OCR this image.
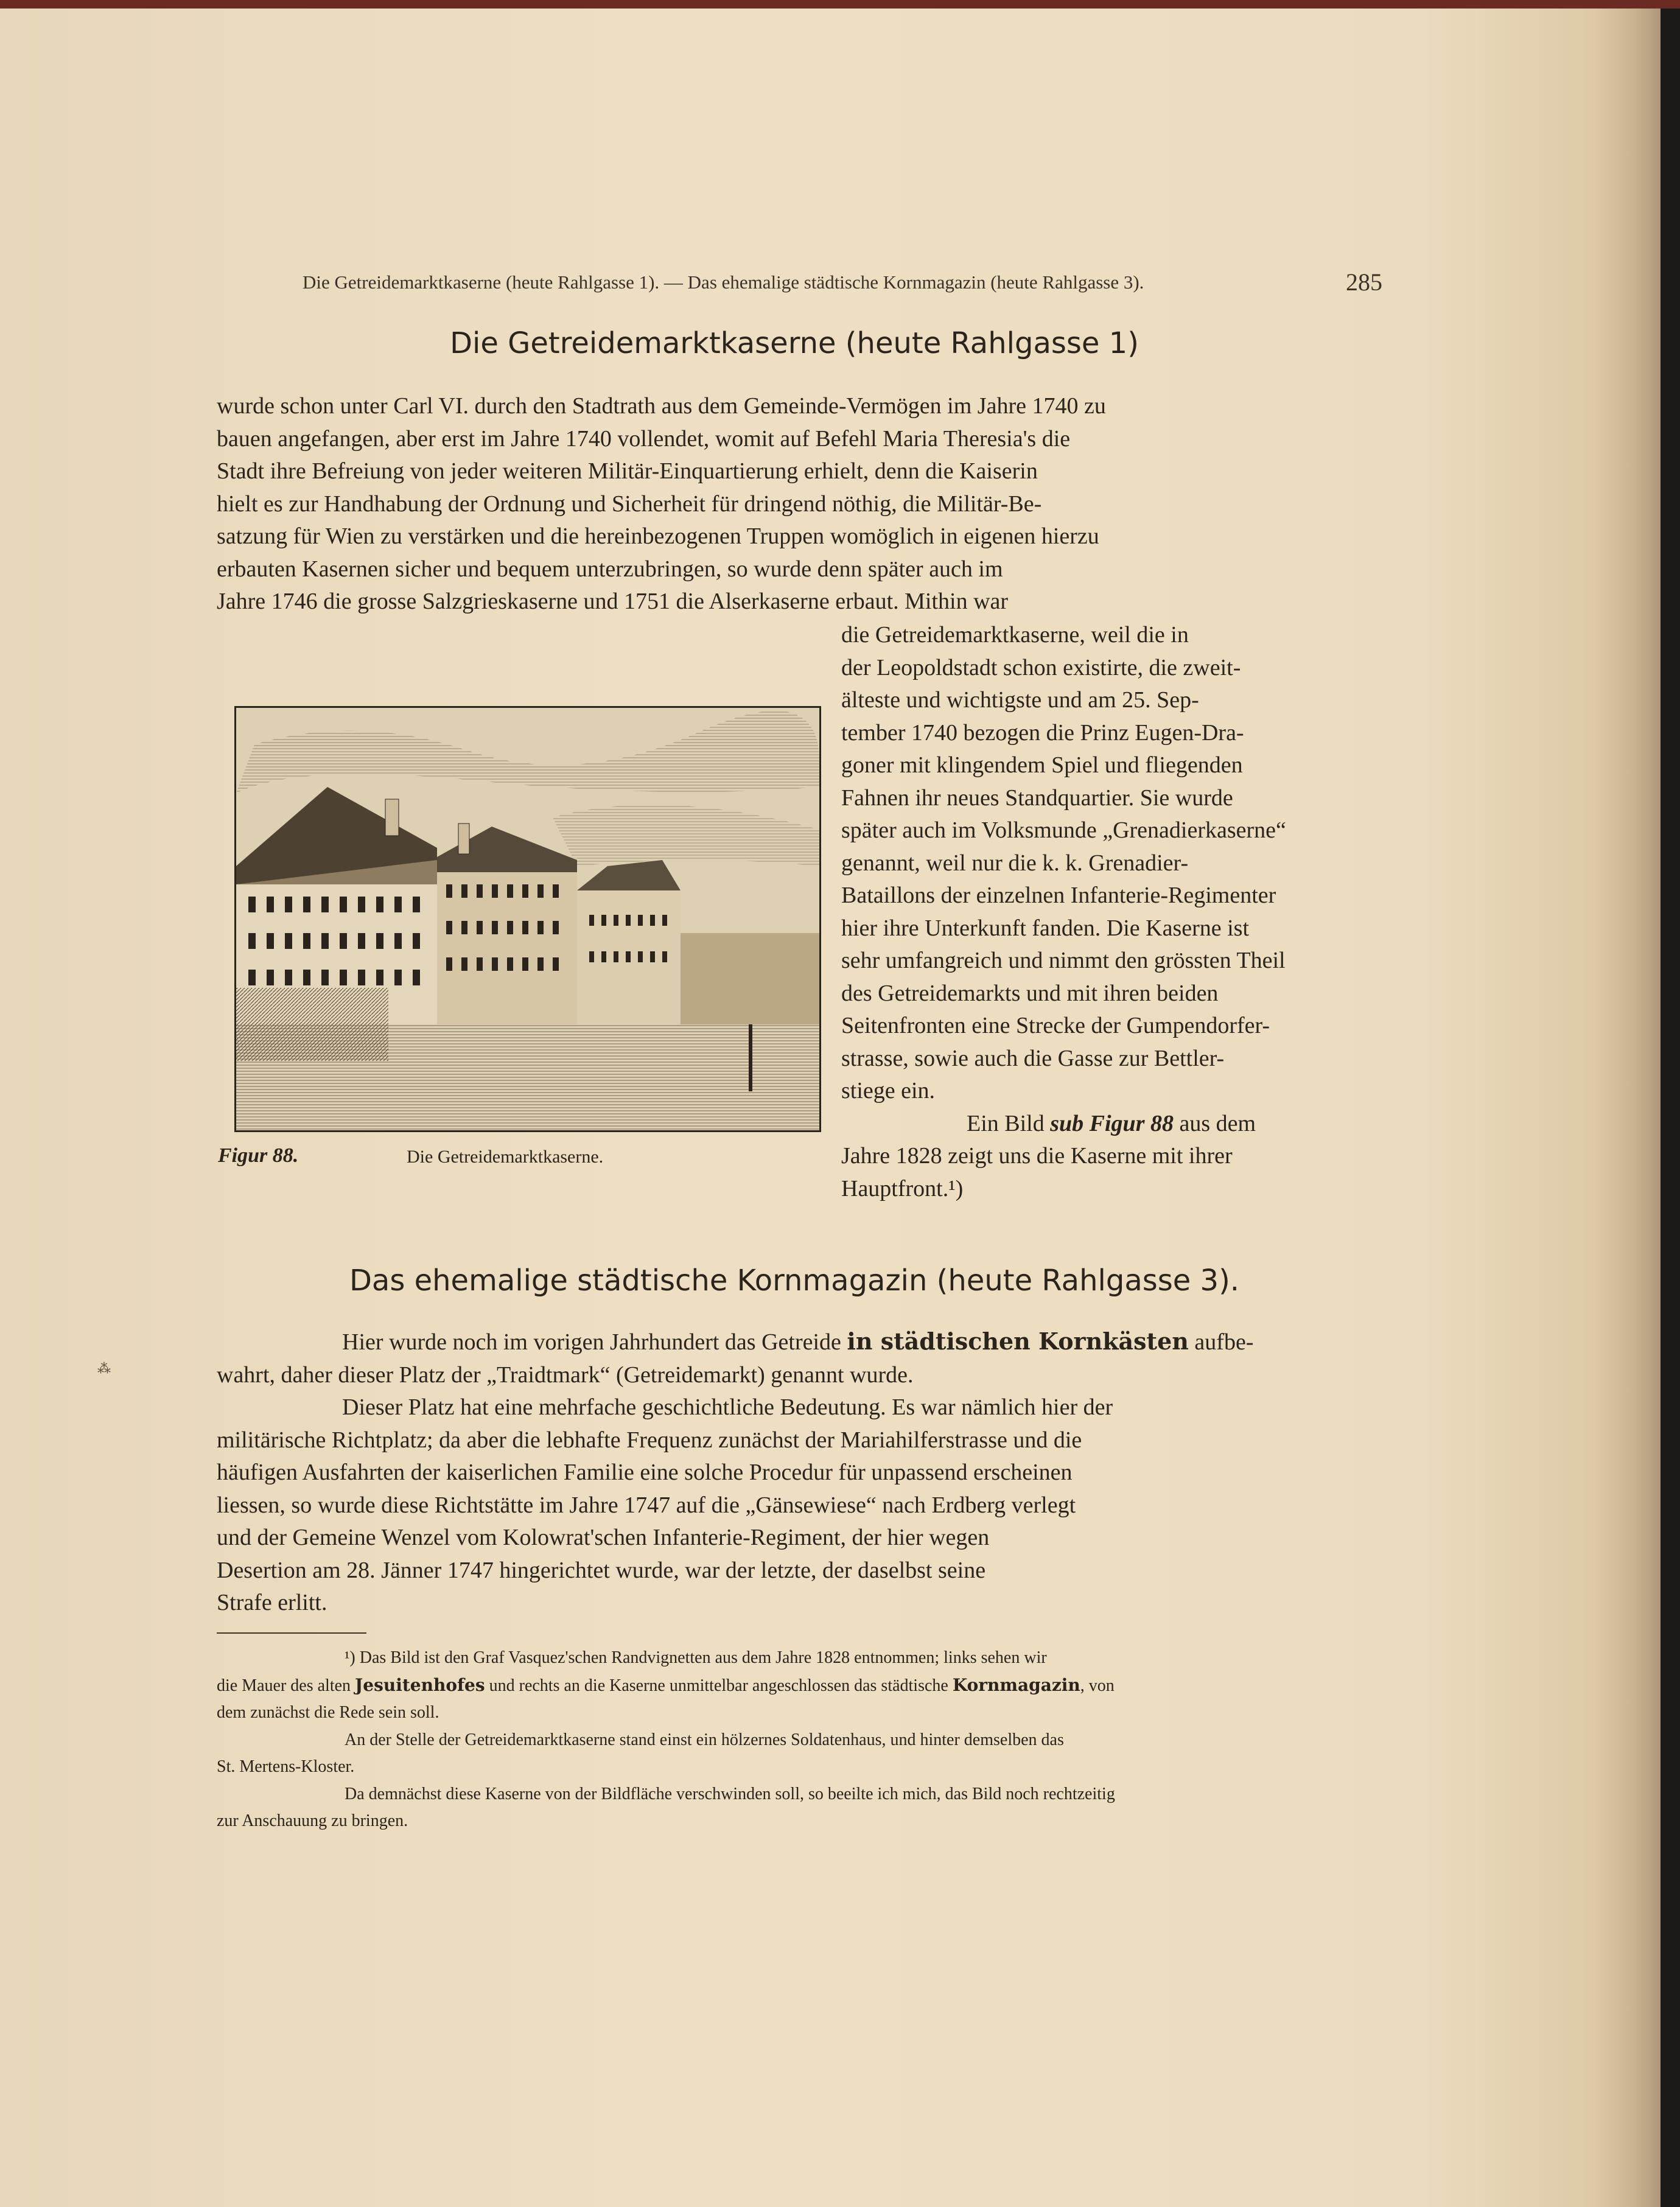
Die Getreidemarktkaserne (heute Rahlgasse 1). — Das ehemalige städtische Kornmagazin (heute Rahlgasse 3).	285
Die Getreidemarktkaserne (heute Rahlgasse 1)

wurde schon unter Carl VI. durch den Stadtrath aus dem Gemeinde-Vermögen im Jahre 1740 zu

bauen angefangen, aber erst im Jahre 1740 vollendet, womit auf Befehl Maria Theresia's die

Stadt ihre Befreiung von jeder weiteren Militär-Einquartierung erhielt, denn die Kaiserin

hielt es zur Handhabung der Ordnung und Sicherheit für dringend nöthig, die Militär-Be-

satzung für Wien zu verstärken und die hereinbezogenen Truppen womöglich in eigenen hierzu

erbauten Kasernen sicher und bequem unterzubringen, so wurde denn später auch im

Jahre 1746 die grosse Salzgrieskaserne und 1751 die Alserkaserne erbaut. Mithin war

die Getreidemarktkaserne, weil die in

der Leopoldstadt schon existirte, die zweit-

älteste und wichtigste und am 25. Sep-

tember 1740 bezogen die Prinz Eugen-Dra-

goner mit klingendem Spiel und fliegenden

Fahnen ihr neues Standquartier. Sie wurde

später auch im Volksmunde „Grenadierkaserne“

genannt, weil nur die k. k. Grenadier-

Bataillons der einzelnen Infanterie-Regimenter

hier ihre Unterkunft fanden. Die Kaserne ist

sehr umfangreich und nimmt den grössten Theil

des Getreidemarkts und mit ihren beiden

Seitenfronten eine Strecke der Gumpendorfer-

strasse, sowie auch die Gasse zur Bettler-

stiege ein.

Ein Bild sub Figur 88 aus dem

Jahre 1828 zeigt uns die Kaserne mit ihrer

Hauptfront.¹)

Figur 88.	Die Getreidemarktkaserne.
Das ehemalige städtische Kornmagazin (heute Rahlgasse 3).
⁂

Hier wurde noch im vorigen Jahrhundert das Getreide in städtischen Kornkästen aufbe-

wahrt, daher dieser Platz der „Traidtmark“ (Getreidemarkt) genannt wurde.

Dieser Platz hat eine mehrfache geschichtliche Bedeutung. Es war nämlich hier der

militärische Richtplatz; da aber die lebhafte Frequenz zunächst der Mariahilferstrasse und die

häufigen Ausfahrten der kaiserlichen Familie eine solche Procedur für unpassend erscheinen

liessen, so wurde diese Richtstätte im Jahre 1747 auf die „Gänsewiese“ nach Erdberg verlegt

und der Gemeine Wenzel vom Kolowrat'schen Infanterie-Regiment, der hier wegen

Desertion am 28. Jänner 1747 hingerichtet wurde, war der letzte, der daselbst seine

Strafe erlitt.

¹) Das Bild ist den Graf Vasquez'schen Randvignetten aus dem Jahre 1828 entnommen; links sehen wir

die Mauer des alten Jesuitenhofes und rechts an die Kaserne unmittelbar angeschlossen das städtische Kornmagazin, von

dem zunächst die Rede sein soll.

An der Stelle der Getreidemarktkaserne stand einst ein hölzernes Soldatenhaus, und hinter demselben das

St. Mertens-Kloster.

Da demnächst diese Kaserne von der Bildfläche verschwinden soll, so beeilte ich mich, das Bild noch rechtzeitig

zur Anschauung zu bringen.
